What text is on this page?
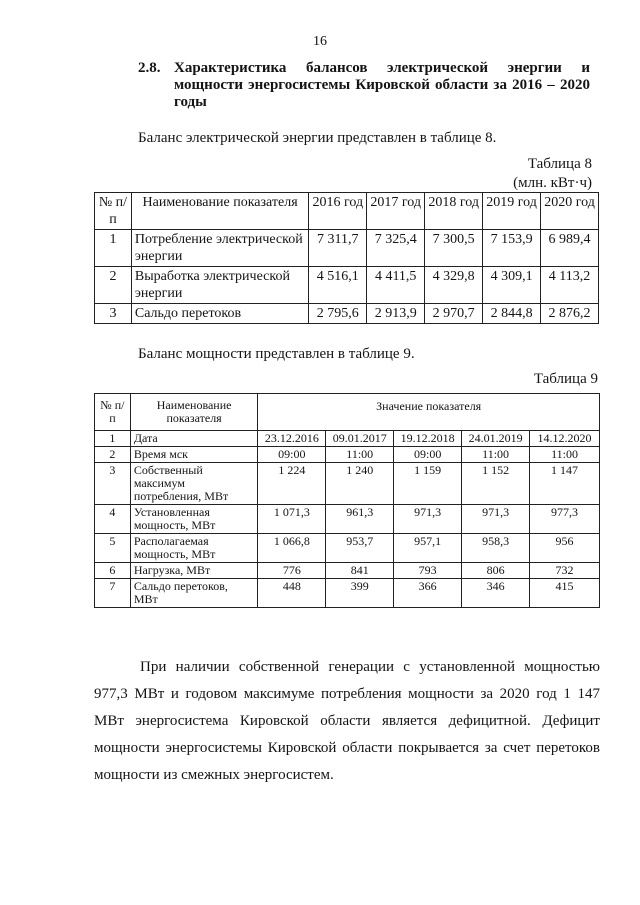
16
2.8. Характеристика балансов электрической энергии и мощности энергосистемы Кировской области за 2016 – 2020 годы
Баланс электрической энергии представлен в таблице 8.
Таблица 8
(млн. кВт·ч)
№ п/п	Наименование показателя	2016 год	2017 год	2018 год	2019 год	2020 год
1	Потребление электрической энергии	7 311,7	7 325,4	7 300,5	7 153,9	6 989,4
2	Выработка электрической энергии	4 516,1	4 411,5	4 329,8	4 309,1	4 113,2
3	Сальдо перетоков	2 795,6	2 913,9	2 970,7	2 844,8	2 876,2
Баланс мощности представлен в таблице 9.
Таблица 9
№ п/п	Наименование показателя	Значение показателя				
1	Дата	23.12.2016	09.01.2017	19.12.2018	24.01.2019	14.12.2020
2	Время мск	09:00	11:00	09:00	11:00	11:00
3	Собственный максимум потребления, МВт	1 224	1 240	1 159	1 152	1 147
4	Установленная мощность, МВт	1 071,3	961,3	971,3	971,3	977,3
5	Располагаемая мощность, МВт	1 066,8	953,7	957,1	958,3	956
6	Нагрузка, МВт	776	841	793	806	732
7	Сальдо перетоков, МВт	448	399	366	346	415
При наличии собственной генерации с установленной мощностью 977,3 МВт и годовом максимуме потребления мощности за 2020 год 1 147 МВт энергосистема Кировской области является дефицитной. Дефицит мощности энергосистемы Кировской области покрывается за счет перетоков мощности из смежных энергосистем.
